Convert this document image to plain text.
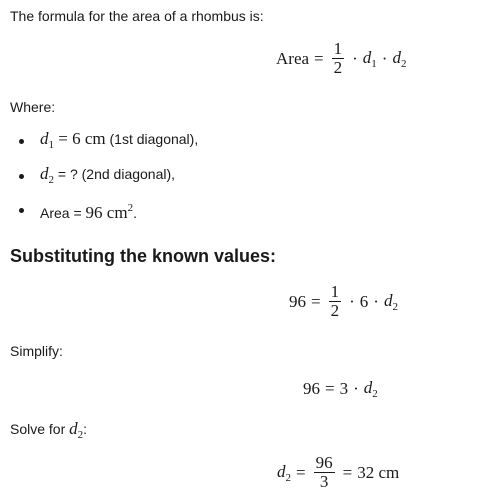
The formula for the area of a rhombus is:
Area = $\frac{1}{2} \cdot d_1 \cdot d_2$
Where:
$d_1 = 6$ cm (1st diagonal),
$d_2$ = ? (2nd diagonal),
Area = 96 $cm^2$.
Substituting the known values:
$96 = \frac{1}{2} \cdot 6 \cdot d_2$
Simplify:
$96 = 3 \cdot d_2$
Solve for $d_2$:
$d_2 = \frac{96}{3} = 32$ cm
